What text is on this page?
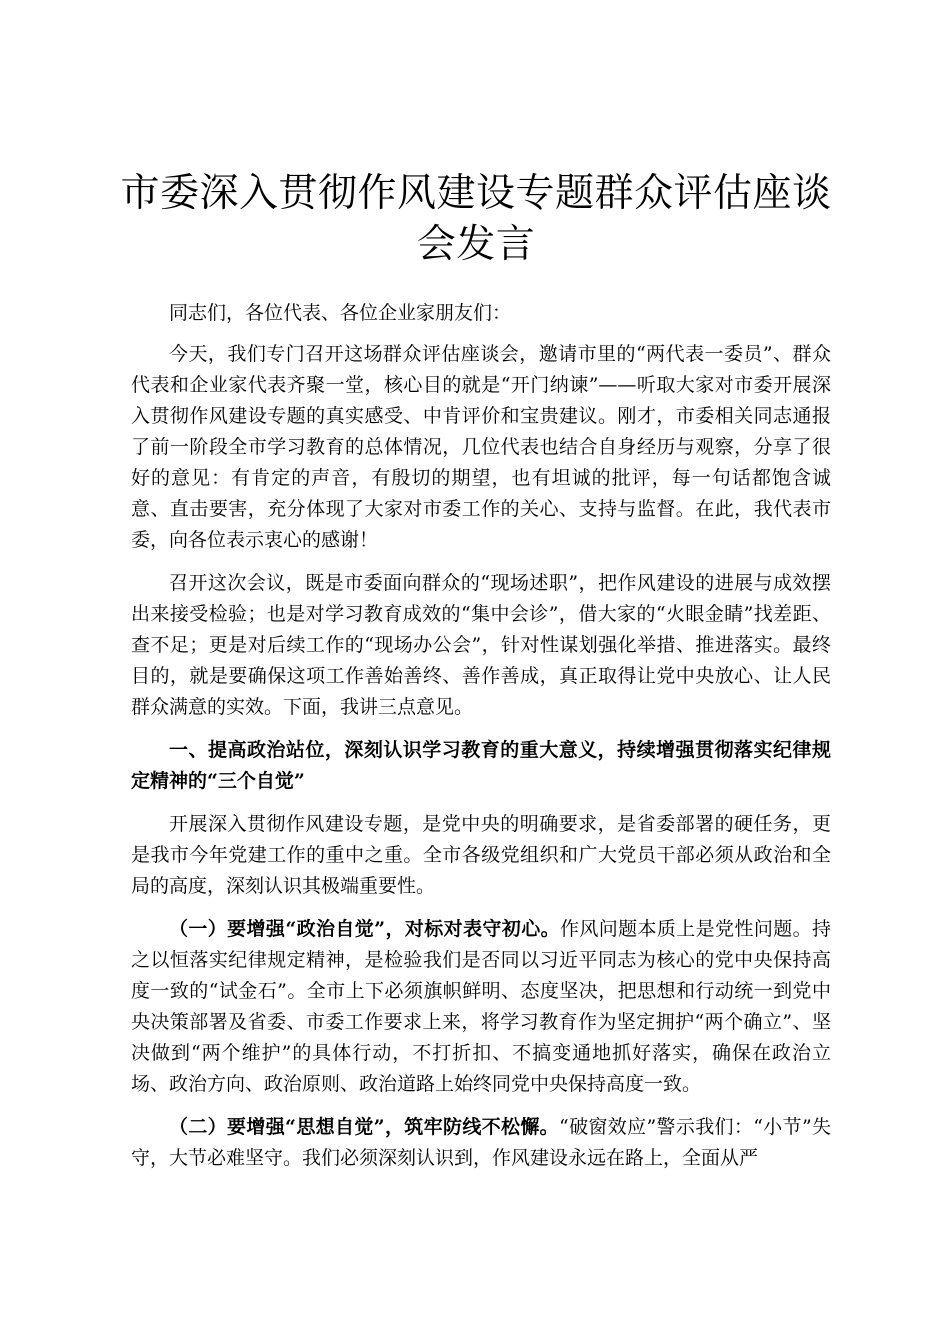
市委深入贯彻作风建设专题群众评估座谈会发言

同志们，各位代表、各位企业家朋友们：

今天，我们专门召开这场群众评估座谈会，邀请市里的“两代表一委员”、群众代表和企业家代表齐聚一堂，核心目的就是“开门纳谏”——听取大家对市委开展深入贯彻作风建设专题的真实感受、中肯评价和宝贵建议。刚才，市委相关同志通报了前一阶段全市学习教育的总体情况，几位代表也结合自身经历与观察，分享了很好的意见：有肯定的声音，有殷切的期望，也有坦诚的批评，每一句话都饱含诚意、直击要害，充分体现了大家对市委工作的关心、支持与监督。在此，我代表市委，向各位表示衷心的感谢！

召开这次会议，既是市委面向群众的“现场述职”，把作风建设的进展与成效摆出来接受检验；也是对学习教育成效的“集中会诊”，借大家的“火眼金睛”找差距、查不足；更是对后续工作的“现场办公会”，针对性谋划强化举措、推进落实。最终目的，就是要确保这项工作善始善终、善作善成，真正取得让党中央放心、让人民群众满意的实效。下面，我讲三点意见。

一、提高政治站位，深刻认识学习教育的重大意义，持续增强贯彻落实纪律规定精神的“三个自觉”

开展深入贯彻作风建设专题，是党中央的明确要求，是省委部署的硬任务，更是我市今年党建工作的重中之重。全市各级党组织和广大党员干部必须从政治和全局的高度，深刻认识其极端重要性。

（一）要增强“政治自觉”，对标对表守初心。作风问题本质上是党性问题。持之以恒落实纪律规定精神，是检验我们是否同以习近平同志为核心的党中央保持高度一致的“试金石”。全市上下必须旗帜鲜明、态度坚决，把思想和行动统一到党中央决策部署及省委、市委工作要求上来，将学习教育作为坚定拥护“两个确立”、坚决做到“两个维护”的具体行动，不打折扣、不搞变通地抓好落实，确保在政治立场、政治方向、政治原则、政治道路上始终同党中央保持高度一致。

（二）要增强“思想自觉”，筑牢防线不松懈。“破窗效应”警示我们：“小节”失守，大节必难坚守。我们必须深刻认识到，作风建设永远在路上，全面从严
